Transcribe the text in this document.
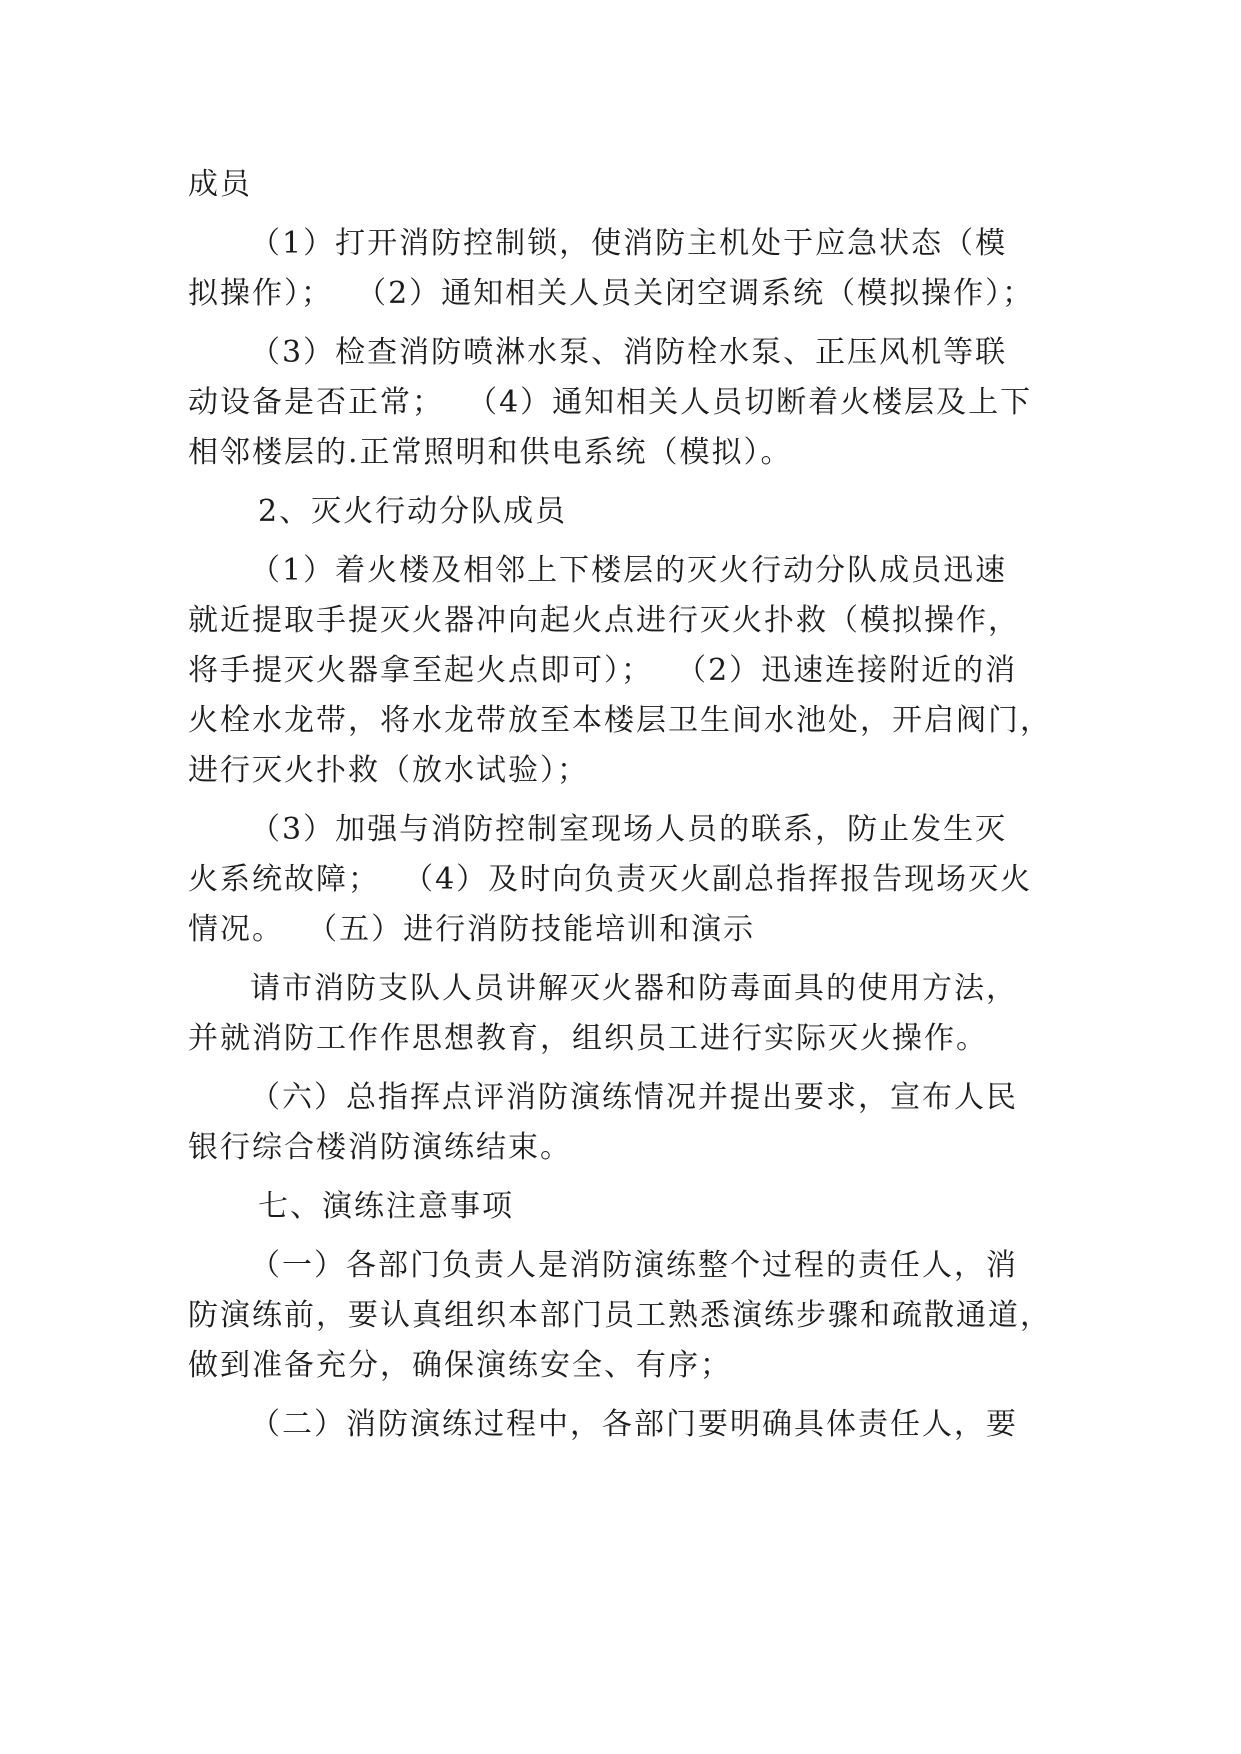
成员
（1）打开消防控制锁，使消防主机处于应急状态（模
拟操作）；  （2）通知相关人员关闭空调系统（模拟操作）；
（3）检查消防喷淋水泵、消防栓水泵、正压风机等联
动设备是否正常；  （4）通知相关人员切断着火楼层及上下
相邻楼层的.正常照明和供电系统（模拟）。
2、灭火行动分队成员
（1）着火楼及相邻上下楼层的灭火行动分队成员迅速
就近提取手提灭火器冲向起火点进行灭火扑救（模拟操作，
将手提灭火器拿至起火点即可）；  （2）迅速连接附近的消
火栓水龙带，将水龙带放至本楼层卫生间水池处，开启阀门，
进行灭火扑救（放水试验）；
（3）加强与消防控制室现场人员的联系，防止发生灭
火系统故障；  （4）及时向负责灭火副总指挥报告现场灭火
情况。  （五）进行消防技能培训和演示
请市消防支队人员讲解灭火器和防毒面具的使用方法，
并就消防工作作思想教育，组织员工进行实际灭火操作。
（六）总指挥点评消防演练情况并提出要求，宣布人民
银行综合楼消防演练结束。
七、演练注意事项
（一）各部门负责人是消防演练整个过程的责任人，消
防演练前，要认真组织本部门员工熟悉演练步骤和疏散通道，
做到准备充分，确保演练安全、有序；
（二）消防演练过程中，各部门要明确具体责任人，要
